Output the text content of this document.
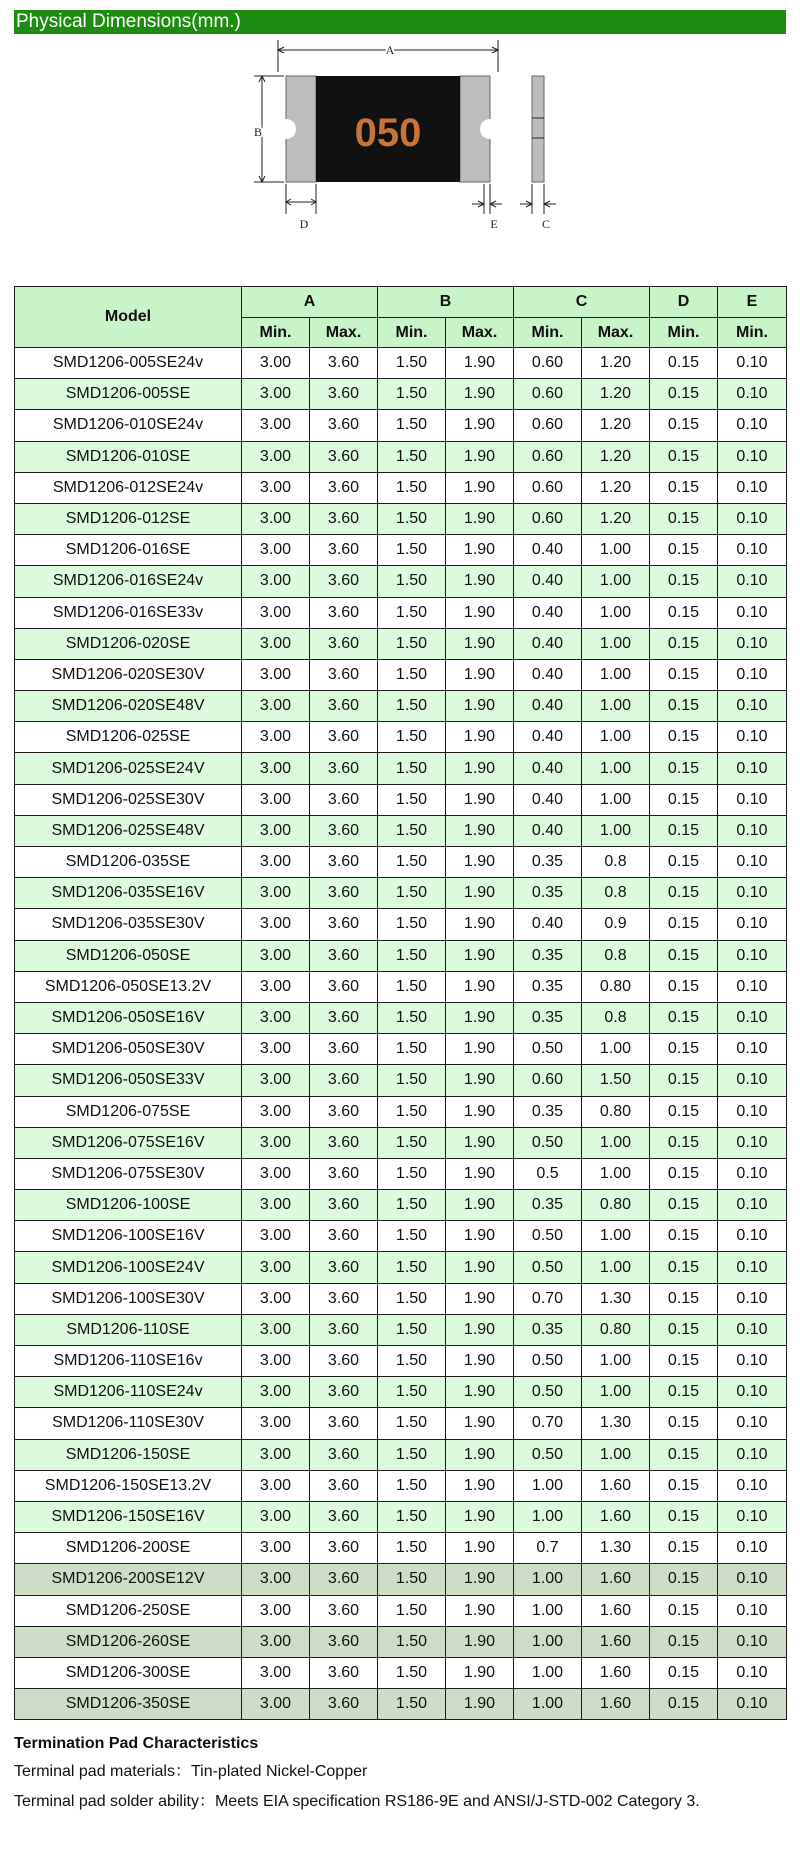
Physical Dimensions(mm.)
A
B 050
D	E	C
Model	A		B		C		D	E
	Min.	Max.	Min.	Max.	Min.	Max.	Min.	Min.
SMD1206-005SE24v	3.00	3.60	1.50	1.90	0.60	1.20	0.15	0.10
SMD1206-005SE	3.00	3.60	1.50	1.90	0.60	1.20	0.15	0.10
SMD1206-010SE24v	3.00	3.60	1.50	1.90	0.60	1.20	0.15	0.10
SMD1206-010SE	3.00	3.60	1.50	1.90	0.60	1.20	0.15	0.10
SMD1206-012SE24v	3.00	3.60	1.50	1.90	0.60	1.20	0.15	0.10
SMD1206-012SE	3.00	3.60	1.50	1.90	0.60	1.20	0.15	0.10
SMD1206-016SE	3.00	3.60	1.50	1.90	0.40	1.00	0.15	0.10
SMD1206-016SE24v	3.00	3.60	1.50	1.90	0.40	1.00	0.15	0.10
SMD1206-016SE33v	3.00	3.60	1.50	1.90	0.40	1.00	0.15	0.10
SMD1206-020SE	3.00	3.60	1.50	1.90	0.40	1.00	0.15	0.10
SMD1206-020SE30V	3.00	3.60	1.50	1.90	0.40	1.00	0.15	0.10
SMD1206-020SE48V	3.00	3.60	1.50	1.90	0.40	1.00	0.15	0.10
SMD1206-025SE	3.00	3.60	1.50	1.90	0.40	1.00	0.15	0.10
SMD1206-025SE24V	3.00	3.60	1.50	1.90	0.40	1.00	0.15	0.10
SMD1206-025SE30V	3.00	3.60	1.50	1.90	0.40	1.00	0.15	0.10
SMD1206-025SE48V	3.00	3.60	1.50	1.90	0.40	1.00	0.15	0.10
SMD1206-035SE	3.00	3.60	1.50	1.90	0.35	0.8	0.15	0.10
SMD1206-035SE16V	3.00	3.60	1.50	1.90	0.35	0.8	0.15	0.10
SMD1206-035SE30V	3.00	3.60	1.50	1.90	0.40	0.9	0.15	0.10
SMD1206-050SE	3.00	3.60	1.50	1.90	0.35	0.8	0.15	0.10
SMD1206-050SE13.2V	3.00	3.60	1.50	1.90	0.35	0.80	0.15	0.10
SMD1206-050SE16V	3.00	3.60	1.50	1.90	0.35	0.8	0.15	0.10
SMD1206-050SE30V	3.00	3.60	1.50	1.90	0.50	1.00	0.15	0.10
SMD1206-050SE33V	3.00	3.60	1.50	1.90	0.60	1.50	0.15	0.10
SMD1206-075SE	3.00	3.60	1.50	1.90	0.35	0.80	0.15	0.10
SMD1206-075SE16V	3.00	3.60	1.50	1.90	0.50	1.00	0.15	0.10
SMD1206-075SE30V	3.00	3.60	1.50	1.90	0.5	1.00	0.15	0.10
SMD1206-100SE	3.00	3.60	1.50	1.90	0.35	0.80	0.15	0.10
SMD1206-100SE16V	3.00	3.60	1.50	1.90	0.50	1.00	0.15	0.10
SMD1206-100SE24V	3.00	3.60	1.50	1.90	0.50	1.00	0.15	0.10
SMD1206-100SE30V	3.00	3.60	1.50	1.90	0.70	1.30	0.15	0.10
SMD1206-110SE	3.00	3.60	1.50	1.90	0.35	0.80	0.15	0.10
SMD1206-110SE16v	3.00	3.60	1.50	1.90	0.50	1.00	0.15	0.10
SMD1206-110SE24v	3.00	3.60	1.50	1.90	0.50	1.00	0.15	0.10
SMD1206-110SE30V	3.00	3.60	1.50	1.90	0.70	1.30	0.15	0.10
SMD1206-150SE	3.00	3.60	1.50	1.90	0.50	1.00	0.15	0.10
SMD1206-150SE13.2V	3.00	3.60	1.50	1.90	1.00	1.60	0.15	0.10
SMD1206-150SE16V	3.00	3.60	1.50	1.90	1.00	1.60	0.15	0.10
SMD1206-200SE	3.00	3.60	1.50	1.90	0.7	1.30	0.15	0.10
SMD1206-200SE12V	3.00	3.60	1.50	1.90	1.00	1.60	0.15	0.10
SMD1206-250SE	3.00	3.60	1.50	1.90	1.00	1.60	0.15	0.10
SMD1206-260SE	3.00	3.60	1.50	1.90	1.00	1.60	0.15	0.10
SMD1206-300SE	3.00	3.60	1.50	1.90	1.00	1.60	0.15	0.10
SMD1206-350SE	3.00	3.60	1.50	1.90	1.00	1.60	0.15	0.10

Termination Pad Characteristics

Terminal pad materials：Tin-plated Nickel-Copper

Terminal pad solder ability：Meets EIA specification RS186-9E and ANSI/J-STD-002 Category 3.
